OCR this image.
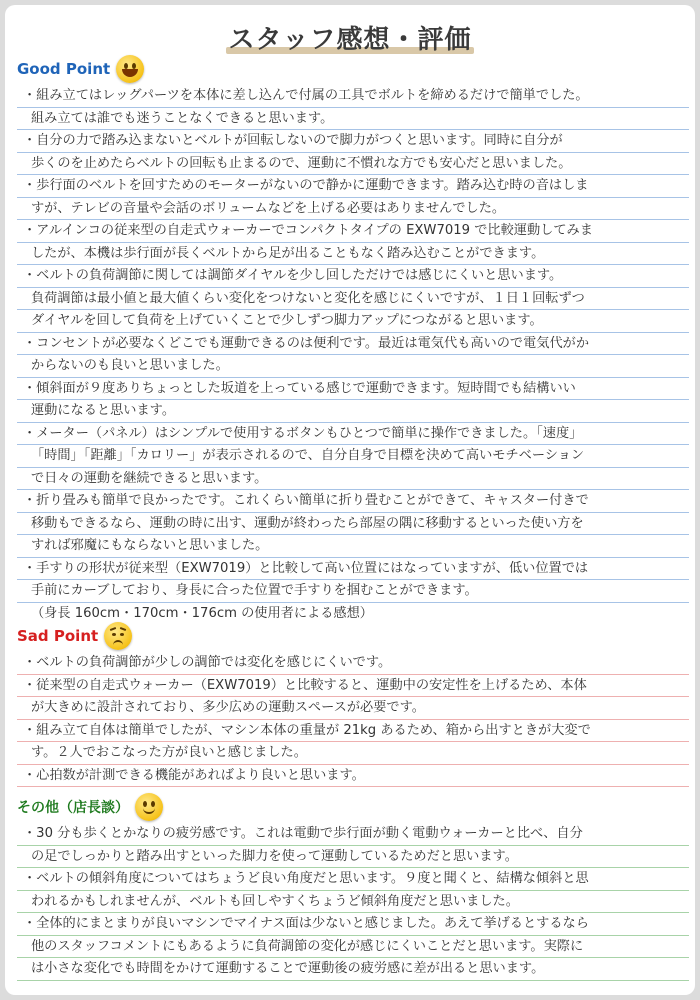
スタッフ感想・評価
Good Point
・組み立てはレッグパーツを本体に差し込んで付属の工具でボルトを締めるだけで簡単でした。
組み立ては誰でも迷うことなくできると思います。
・自分の力で踏み込まないとベルトが回転しないので脚力がつくと思います。同時に自分が
歩くのを止めたらベルトの回転も止まるので、運動に不慣れな方でも安心だと思いました。
・歩行面のベルトを回すためのモーターがないので静かに運動できます。踏み込む時の音はしま
すが、テレビの音量や会話のボリュームなどを上げる必要はありませんでした。
・アルインコの従来型の自走式ウォーカーでコンパクトタイプの EXW7019 で比較運動してみま
したが、本機は歩行面が長くベルトから足が出ることもなく踏み込むことができます。
・ベルトの負荷調節に関しては調節ダイヤルを少し回しただけでは感じにくいと思います。
負荷調節は最小値と最大値くらい変化をつけないと変化を感じにくいですが、１日１回転ずつ
ダイヤルを回して負荷を上げていくことで少しずつ脚力アップにつながると思います。
・コンセントが必要なくどこでも運動できるのは便利です。最近は電気代も高いので電気代がか
からないのも良いと思いました。
・傾斜面が９度ありちょっとした坂道を上っている感じで運動できます。短時間でも結構いい
運動になると思います。
・メーター（パネル）はシンプルで使用するボタンもひとつで簡単に操作できました。「速度」
「時間」「距離」「カロリー」が表示されるので、自分自身で目標を決めて高いモチベーション
で日々の運動を継続できると思います。
・折り畳みも簡単で良かったです。これくらい簡単に折り畳むことができて、キャスター付きで
移動もできるなら、運動の時に出す、運動が終わったら部屋の隅に移動するといった使い方を
すれば邪魔にもならないと思いました。
・手すりの形状が従来型（EXW7019）と比較して高い位置にはなっていますが、低い位置では
手前にカーブしており、身長に合った位置で手すりを掴むことができます。
（身長 160cm・170cm・176cm の使用者による感想）
Sad Point
・ベルトの負荷調節が少しの調節では変化を感じにくいです。
・従来型の自走式ウォーカー（EXW7019）と比較すると、運動中の安定性を上げるため、本体
が大きめに設計されており、多少広めの運動スペースが必要です。
・組み立て自体は簡単でしたが、マシン本体の重量が 21kg あるため、箱から出すときが大変で
す。２人でおこなった方が良いと感じました。
・心拍数が計測できる機能があればより良いと思います。
その他（店長談）
・30 分も歩くとかなりの疲労感です。これは電動で歩行面が動く電動ウォーカーと比べ、自分
の足でしっかりと踏み出すといった脚力を使って運動しているためだと思います。
・ベルトの傾斜角度についてはちょうど良い角度だと思います。９度と聞くと、結構な傾斜と思
われるかもしれませんが、ベルトも回しやすくちょうど傾斜角度だと思いました。
・全体的にまとまりが良いマシンでマイナス面は少ないと感じました。あえて挙げるとするなら
他のスタッフコメントにもあるように負荷調節の変化が感じにくいことだと思います。実際に
は小さな変化でも時間をかけて運動することで運動後の疲労感に差が出ると思います。
